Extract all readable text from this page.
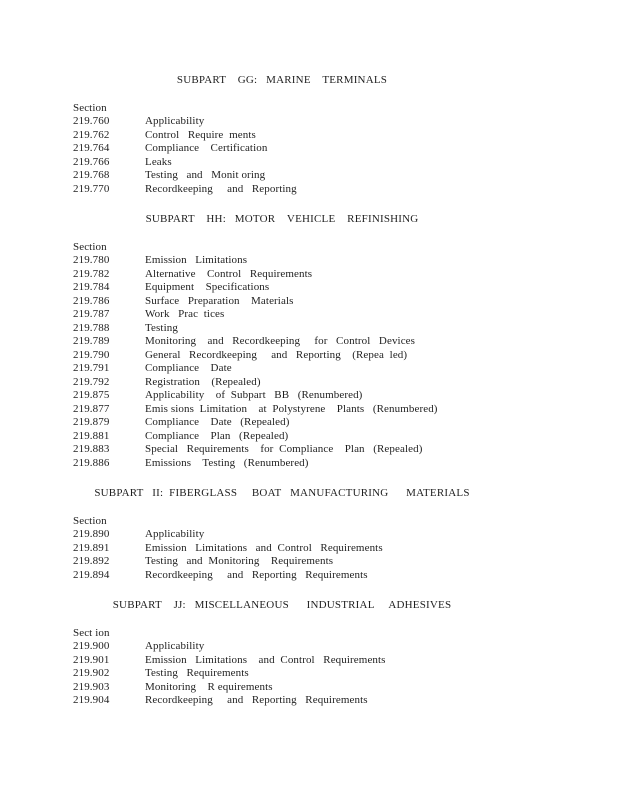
SUBPART    GG:   MARINE    TERMINALS
Section
219.760	Applicability
219.762	Control   Require  ments
219.764	Compliance    Certification
219.766	Leaks
219.768	Testing   and   Monit oring
219.770	Recordkeeping     and   Reporting
SUBPART    HH:   MOTOR    VEHICLE    REFINISHING
Section
219.780	Emission   Limitations
219.782	Alternative    Control   Requirements
219.784	Equipment    Specifications
219.786	Surface   Preparation    Materials
219.787	Work   Prac  tices
219.788	Testing
219.789	Monitoring    and   Recordkeeping     for   Control   Devices
219.790	General   Recordkeeping     and   Reporting    (Repea  led)
219.791	Compliance    Date
219.792	Registration    (Repealed)
219.875	Applicability    of  Subpart   BB   (Renumbered)
219.877	Emis sions  Limitation    at  Polystyrene    Plants   (Renumbered)
219.879	Compliance    Date   (Repealed)
219.881	Compliance    Plan   (Repealed)
219.883	Special   Requirements    for  Compliance    Plan   (Repealed)
219.886	Emissions    Testing   (Renumbered)
SUBPART   II:  FIBERGLASS     BOAT   MANUFACTURING      MATERIALS
Section
219.890	Applicability
219.891	Emission   Limitations   and  Control   Requirements
219.892	Testing   and  Monitoring    Requirements
219.894	Recordkeeping     and   Reporting   Requirements
SUBPART    JJ:   MISCELLANEOUS      INDUSTRIAL     ADHESIVES
Sect ion
219.900	Applicability
219.901	Emission   Limitations    and  Control   Requirements
219.902	Testing   Requirements
219.903	Monitoring    R equirements
219.904	Recordkeeping     and   Reporting   Requirements
